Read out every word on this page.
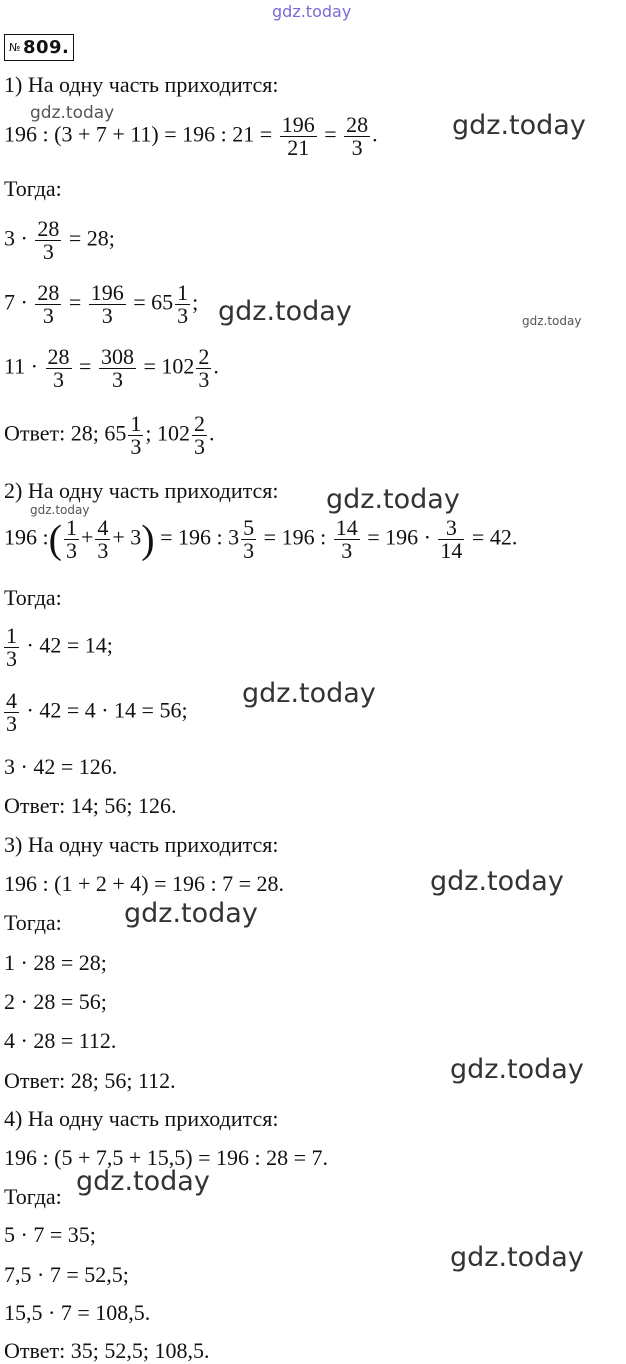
gdz.today
№ 809.
1) На одну часть приходится:
gdz.today
196 : (3 + 7 + 11) = 196 : $21 = \frac{196}{21} = \frac{28}{3}$ .	gdz.today
Тогда:
$3 \cdot \frac{28}{3} = 28$;
$7 \cdot \frac{28}{3} = \frac{196}{3} = 65 \frac{1}{3}$ ; gdz.today	gdz.today
$11 \cdot \frac{28}{3} = \frac{308}{3} = 102 \frac{2}{3}$ .
Ответ: 28; $65 \frac{1}{3}$ ; $102 \frac{2}{3}$ .
2) На одну часть приходится: gdz.today
gdz.today
196 :( $\frac{1}{3} + \frac{4}{3} + 3) = 196$ : $3 \frac{5}{3} = 196$ : $\frac{14}{3} = 196 \cdot \frac{3}{14} = 42$.
Тогда:
$\frac{1}{3} \cdot 42 = 14$;
$\frac{4}{3} \cdot 42 = 4 \cdot 14 = 56$;
gdz.today
3 · 42 = 126.
Ответ: 14; 56; 126.
3) На одну часть приходится:
196 : (1 + 2 + 4) = 196 : 7 = 28.	gdz.today
Тогда: gdz.today
1 · 28 = 28;
2 · 28 = 56;
4 · 28 = 112.
Ответ: 28; 56; 112.	gdz.today
4) На одну часть приходится:
196 : (5 + 7,5 + 15,5) = 196 : 28 = 7.
Тогда: gdz.today
5 · 7 = 35;
gdz.today
7,5 · 7 = 52,5;
15,5 · 7 = 108,5.
Ответ: 35; 52,5; 108,5.
